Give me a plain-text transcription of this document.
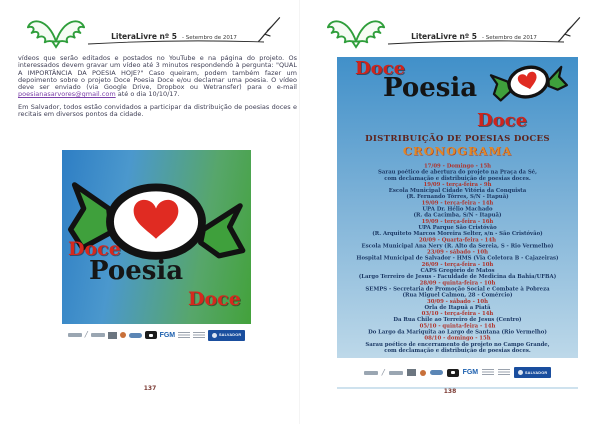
LiteraLivre nº 5 - Setembro de 2017

vídeos que serão editados e postados no YouTube e na página do projeto. Os interessados devem gravar um vídeo até 3 minutos respondendo à pergunta: "QUAL A IMPORTÂNCIA DA POESIA HOJE?" Caso queiram, podem também fazer um depoimento sobre o projeto Doce Poesia Doce e/ou declamar uma poesia. O vídeo deve ser enviado (via Google Drive, Dropbox ou Wetransfer) para o e-mail poesianasarvores@gmail.com até o dia 10/10/17.

Em Salvador, todos estão convidados a participar da distribuição de poesias doces e recitais em diversos pontos da cidade.

Doce
Poesia
Doce
/	FGM	SALVADOR
137
LiteraLivre nº 5 - Setembro de 2017
Doce
Poesia
Doce
DISTRIBUIÇÃO DE POESIAS DOCES
CRONOGRAMA
17/09 - Domingo - 15h
Sarau poético de abertura do projeto na Praça da Sé,
com declamação e distribuição de poesias doces.
19/09 - terça-feira - 9h
Escola Municipal Cidade Vitória da Conquista
(R. Fernando Tôrres, S/N - Itapuã)
19/09 - terça-feira - 14h
UPA Dr. Hélio Machado
(R. da Cacimba, S/N - Itapuã)
19/09 - terça-feira - 16h
UPA Parque São Cristóvão
(R. Arquiteto Marcos Moreira Selter, s/n - São Cristóvão)
20/09 - Quarta-feira - 14h
Escola Municipal Ana Nery (R. Alto da Sereia, S - Rio Vermelho)
23/09 - sábado - 10h
Hospital Municipal de Salvador - HMS (Via Coletora B - Cajazeiras)
26/09 - terça-feira - 10h
CAPS Gregório de Matos
(Largo Terreiro de Jesus - Faculdade de Medicina da Bahia/UFBA)
28/09 - quinta-feira - 10h
SEMPS - Secretaria de Promoção Social e Combate à Pobreza
(Rua Miguel Calmon, 28 - Comércio)
30/09 - sábado - 10h
Orla de Itapuã a Piatã
03/10 - terça-feira - 14h
Da Rua Chile ao Terreiro de Jesus (Centro)
05/10 - quinta-feira - 14h
Do Largo da Mariquita ao Largo de Santana (Rio Vermelho)
08/10 - domingo - 15h
Sarau poético de encerramento do projeto no Campo Grande,
com declamação e distribuição de poesias doces.
/	FGM	SALVADOR
138
